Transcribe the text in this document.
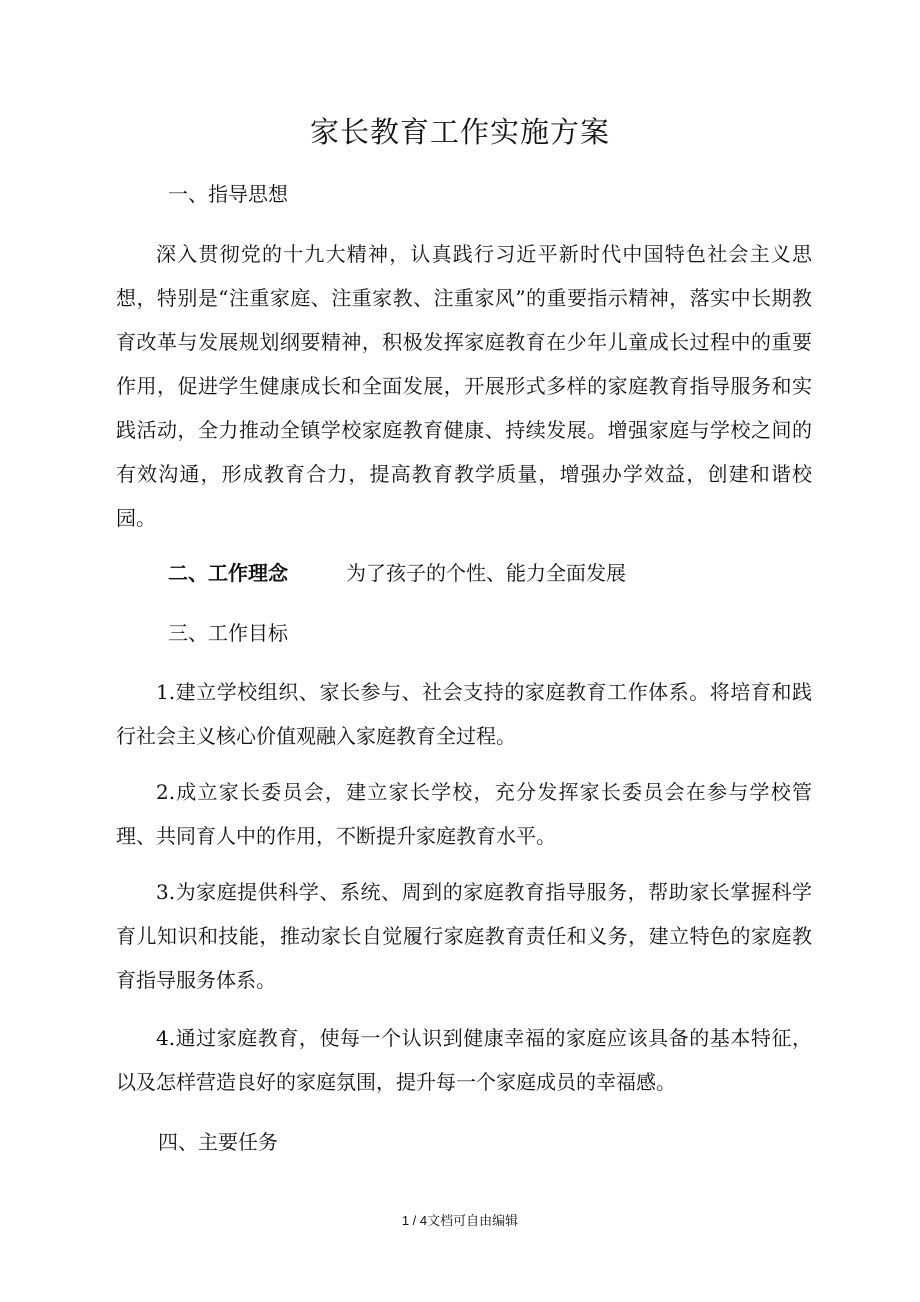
家长教育工作实施方案

一、指导思想

深入贯彻党的十九大精神，认真践行习近平新时代中国特色社会主义思想，特别是“注重家庭、注重家教、注重家风”的重要指示精神，落实中长期教育改革与发展规划纲要精神，积极发挥家庭教育在少年儿童成长过程中的重要作用，促进学生健康成长和全面发展，开展形式多样的家庭教育指导服务和实践活动，全力推动全镇学校家庭教育健康、持续发展。增强家庭与学校之间的有效沟通，形成教育合力，提高教育教学质量，增强办学效益，创建和谐校园。

二、工作理念	为了孩子的个性、能力全面发展

三、工作目标

1.建立学校组织、家长参与、社会支持的家庭教育工作体系。将培育和践行社会主义核心价值观融入家庭教育全过程。

2.成立家长委员会，建立家长学校，充分发挥家长委员会在参与学校管理、共同育人中的作用，不断提升家庭教育水平。

3.为家庭提供科学、系统、周到的家庭教育指导服务，帮助家长掌握科学育儿知识和技能，推动家长自觉履行家庭教育责任和义务，建立特色的家庭教育指导服务体系。

4.通过家庭教育，使每一个认识到健康幸福的家庭应该具备的基本特征，以及怎样营造良好的家庭氛围，提升每一个家庭成员的幸福感。

四、主要任务

1 / 4文档可自由编辑
